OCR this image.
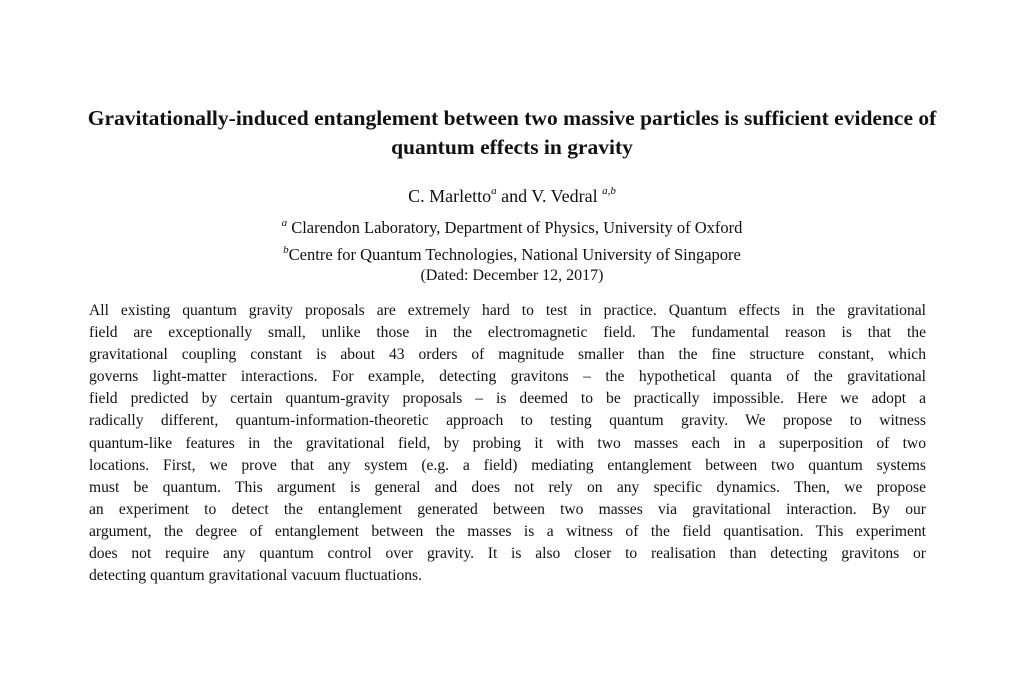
Gravitationally-induced entanglement between two massive particles is sufficient evidence of
quantum effects in gravity
C. Marletto$^a$ and V. Vedral $^{a,b}$
$^a$ Clarendon Laboratory, Department of Physics, University of Oxford
$^b$Centre for Quantum Technologies, National University of Singapore
(Dated: December 12, 2017)
All existing quantum gravity proposals are extremely hard to test in practice. Quantum effects in the gravitational
field are exceptionally small, unlike those in the electromagnetic field. The fundamental reason is that the
gravitational coupling constant is about 43 orders of magnitude smaller than the fine structure constant, which
governs light-matter interactions. For example, detecting gravitons – the hypothetical quanta of the gravitational
field predicted by certain quantum-gravity proposals – is deemed to be practically impossible. Here we adopt a
radically different, quantum-information-theoretic approach to testing quantum gravity. We propose to witness
quantum-like features in the gravitational field, by probing it with two masses each in a superposition of two
locations. First, we prove that any system (e.g. a field) mediating entanglement between two quantum systems
must be quantum. This argument is general and does not rely on any specific dynamics. Then, we propose
an experiment to detect the entanglement generated between two masses via gravitational interaction. By our
argument, the degree of entanglement between the masses is a witness of the field quantisation. This experiment
does not require any quantum control over gravity. It is also closer to realisation than detecting gravitons or
detecting quantum gravitational vacuum fluctuations.
